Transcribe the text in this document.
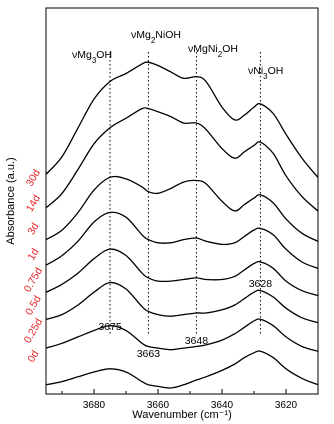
3680	3660	3640	3620
30d
14d
3d
1d
0.75d
0.5d
0.25d
0d
νMg$_3$OH
νMg$_2$NiOH
νMgNi$_2$OH
νNi$_3$OH
3675
3663
3648
3628
Wavenumber (cm⁻¹)
Absorbance (a.u.)
